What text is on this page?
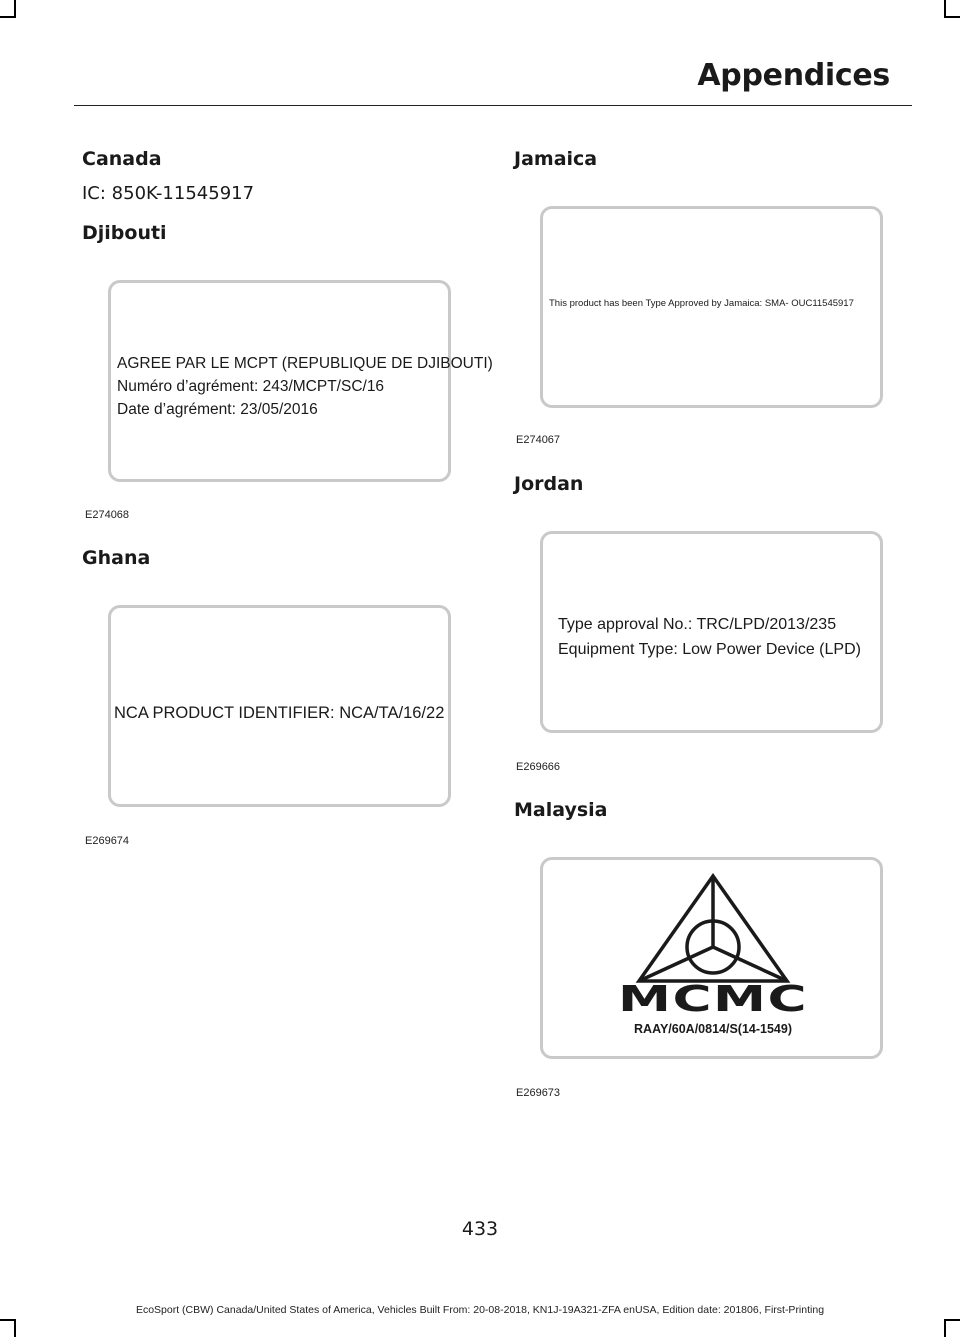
Appendices
Canada

IC: 850K-11545917

Djibouti
AGREE PAR LE MCPT (REPUBLIQUE DE DJIBOUTI)
Numéro d’agrément: 243/MCPT/SC/16
Date d’agrément: 23/05/2016
E274068
Ghana
NCA PRODUCT IDENTIFIER: NCA/TA/16/22
E269674
Jamaica
This product has been Type Approved by Jamaica: SMA- OUC11545917
E274067
Jordan
Type approval No.: TRC/LPD/2013/235
Equipment Type: Low Power Device (LPD)
E269666
Malaysia
MCMC
RAAY/60A/0814/S(14-1549)
E269673
433
EcoSport (CBW) Canada/United States of America, Vehicles Built From: 20-08-2018, KN1J-19A321-ZFA enUSA, Edition date: 201806, First-Printing
